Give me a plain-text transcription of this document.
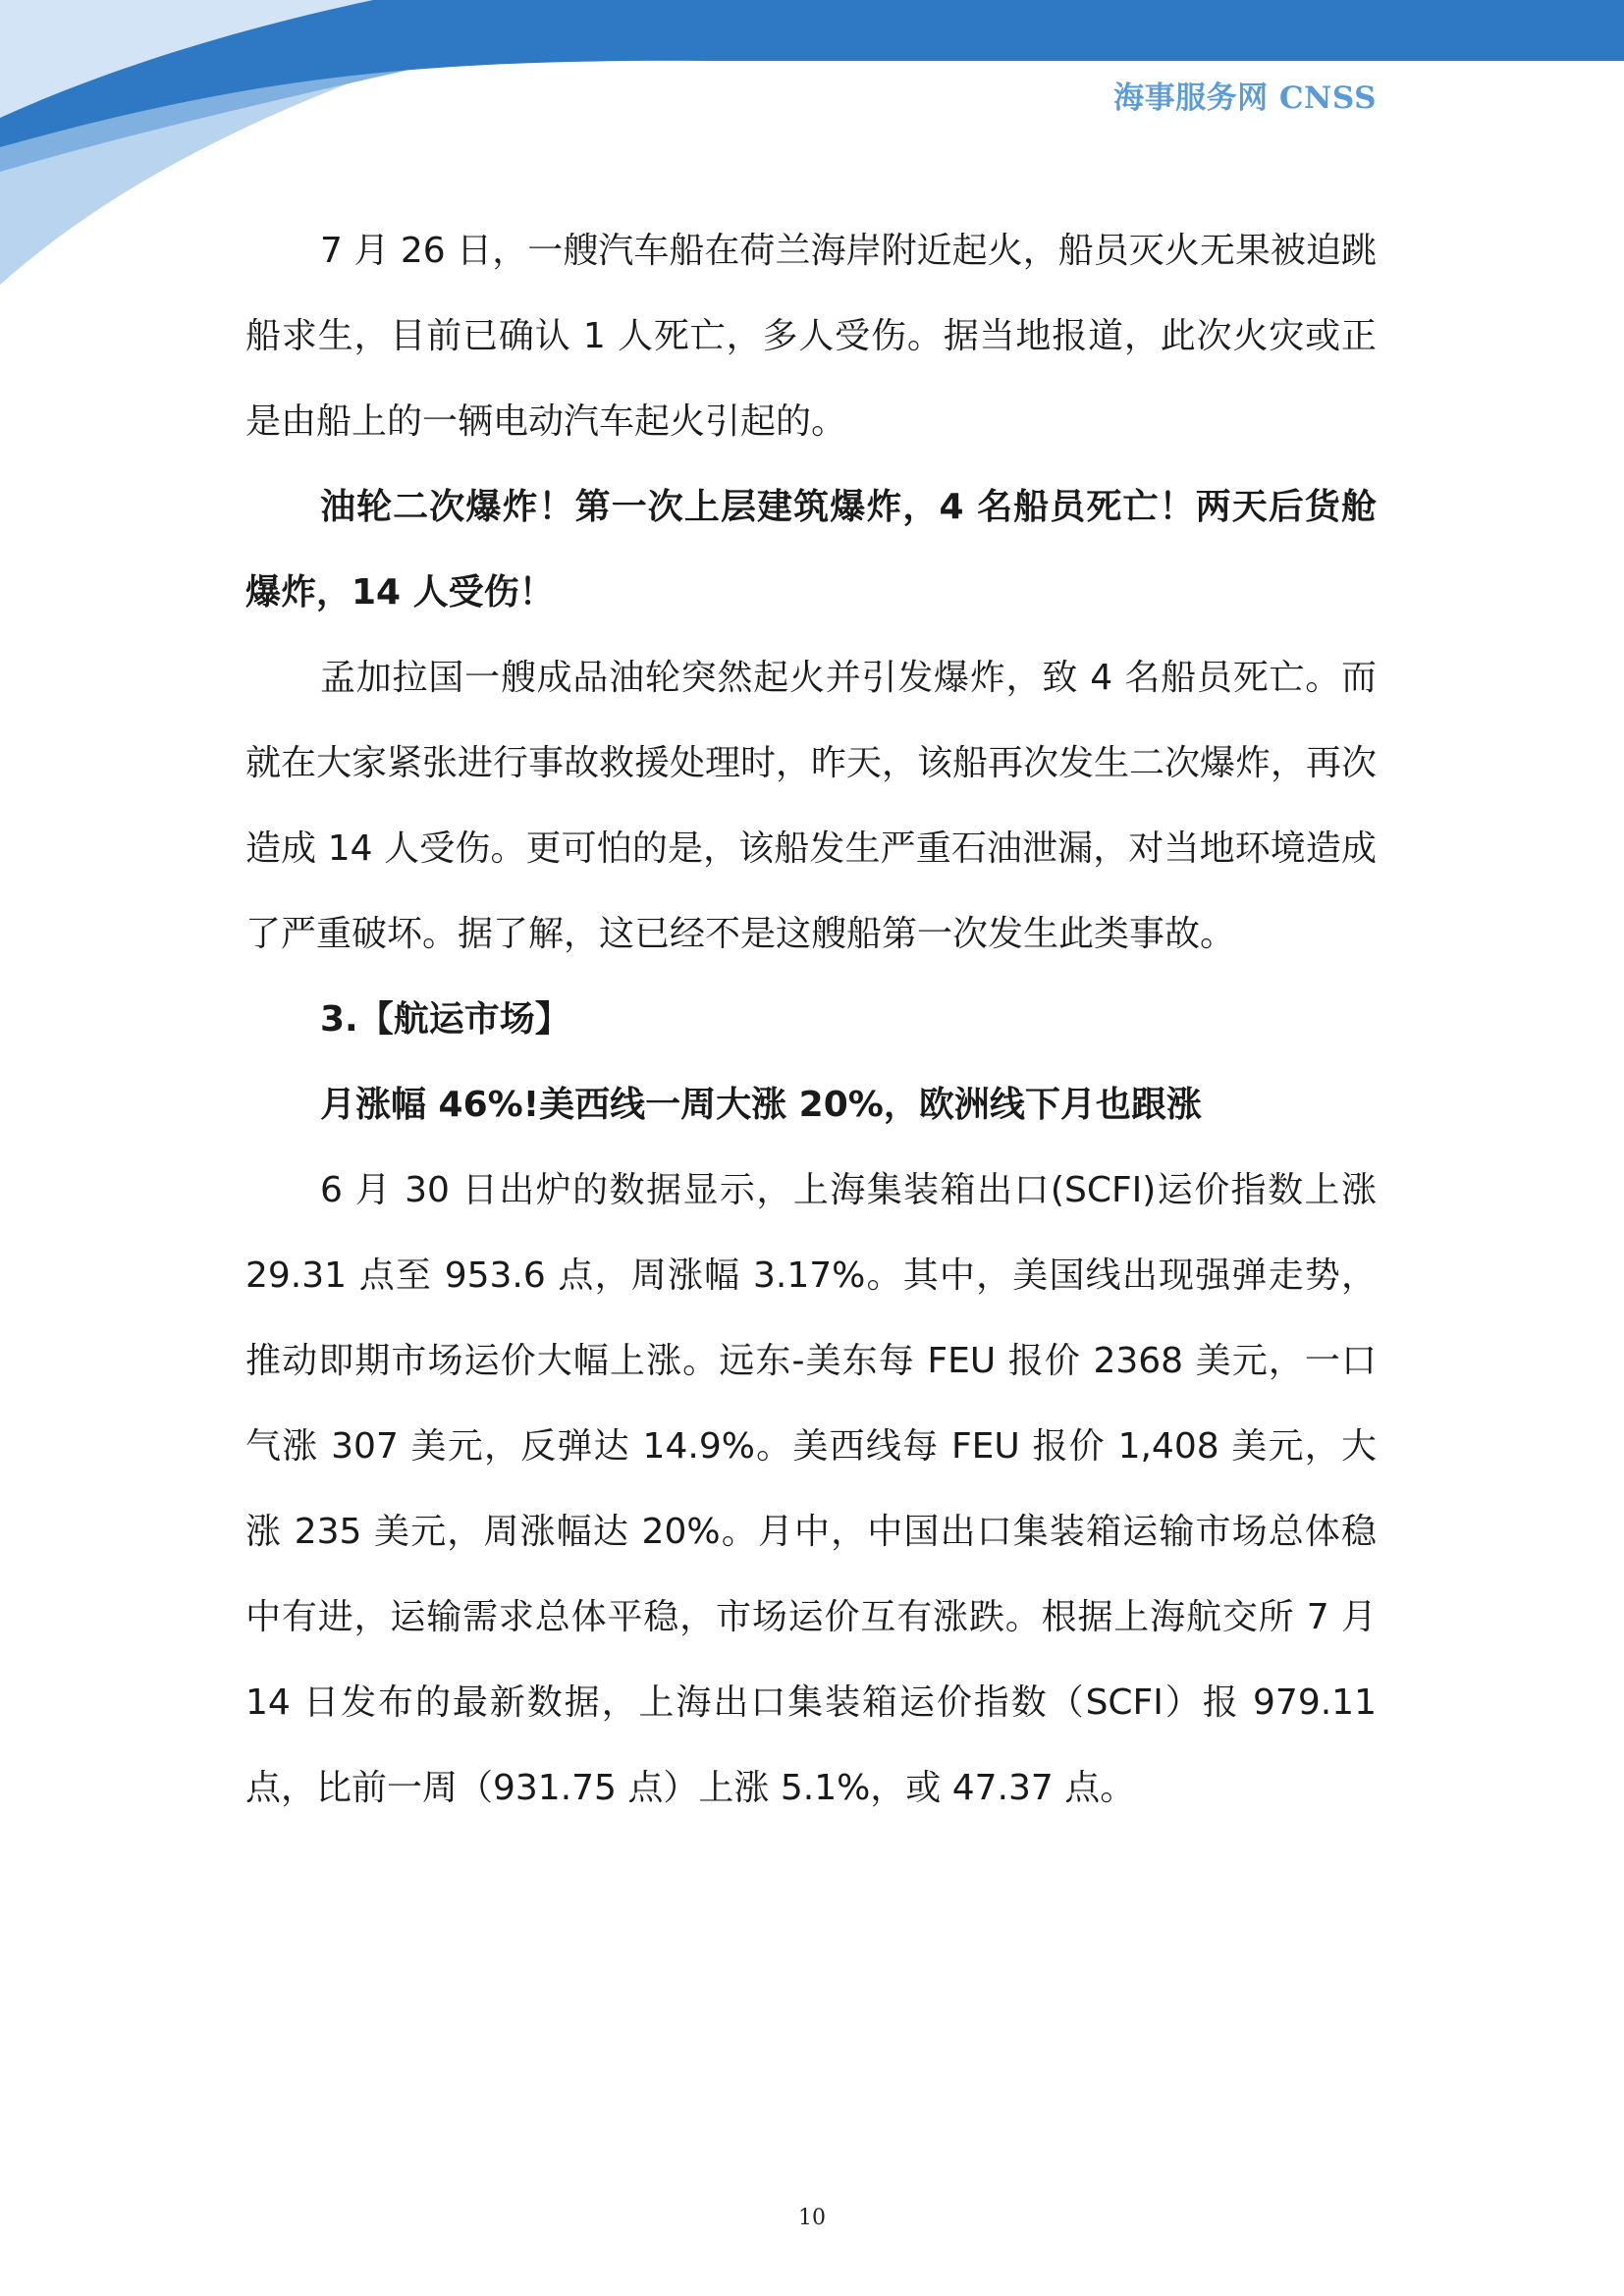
海事服务网 CNSS

7 月 26 日，一艘汽车船在荷兰海岸附近起火，船员灭火无果被迫跳船求生，目前已确认 1 人死亡，多人受伤。据当地报道，此次火灾或正是由船上的一辆电动汽车起火引起的。

油轮二次爆炸！第一次上层建筑爆炸，4 名船员死亡！两天后货舱爆炸，14 人受伤！

孟加拉国一艘成品油轮突然起火并引发爆炸，致 4 名船员死亡。而就在大家紧张进行事故救援处理时，昨天，该船再次发生二次爆炸，再次造成 14 人受伤。更可怕的是，该船发生严重石油泄漏，对当地环境造成了严重破坏。据了解，这已经不是这艘船第一次发生此类事故。

3.【航运市场】

月涨幅 46%!美西线一周大涨 20%，欧洲线下月也跟涨

6 月 30 日出炉的数据显示，上海集装箱出口(SCFI)运价指数上涨 29.31 点至 953.6 点，周涨幅 3.17%。其中，美国线出现强弹走势，推动即期市场运价大幅上涨。远东-美东每 FEU 报价 2368 美元，一口气涨 307 美元，反弹达 14.9%。美西线每 FEU 报价 1,408 美元，大涨 235 美元，周涨幅达 20%。月中，中国出口集装箱运输市场总体稳中有进，运输需求总体平稳，市场运价互有涨跌。根据上海航交所 7 月 14 日发布的最新数据，上海出口集装箱运价指数（SCFI）报 979.11 点，比前一周（931.75 点）上涨 5.1%，或 47.37 点。

10
